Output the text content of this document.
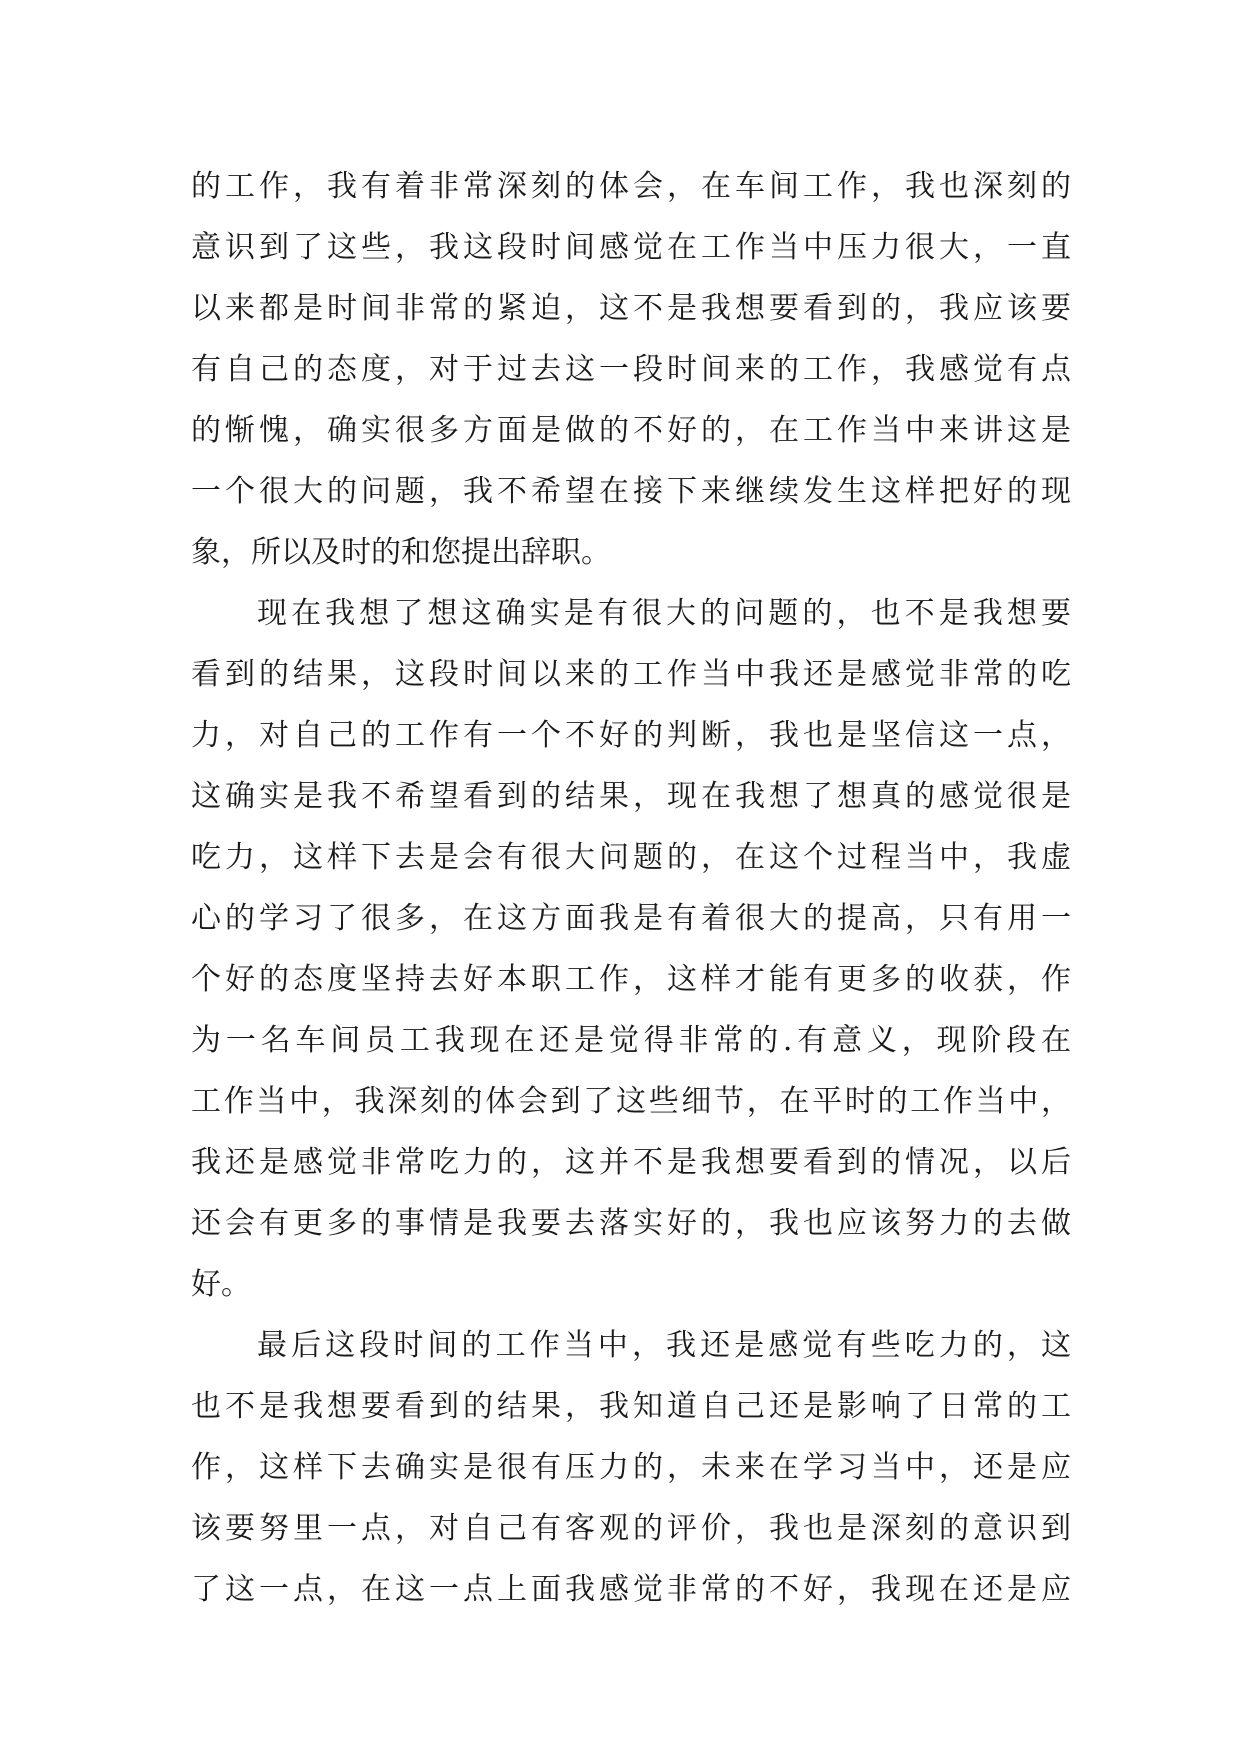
的工作，我有着非常深刻的体会，在车间工作，我也深刻的
意识到了这些，我这段时间感觉在工作当中压力很大，一直
以来都是时间非常的紧迫，这不是我想要看到的，我应该要
有自己的态度，对于过去这一段时间来的工作，我感觉有点
的惭愧，确实很多方面是做的不好的，在工作当中来讲这是
一个很大的问题，我不希望在接下来继续发生这样把好的现
象，所以及时的和您提出辞职。
现在我想了想这确实是有很大的问题的，也不是我想要
看到的结果，这段时间以来的工作当中我还是感觉非常的吃
力，对自己的工作有一个不好的判断，我也是坚信这一点，
这确实是我不希望看到的结果，现在我想了想真的感觉很是
吃力，这样下去是会有很大问题的，在这个过程当中，我虚
心的学习了很多，在这方面我是有着很大的提高，只有用一
个好的态度坚持去好本职工作，这样才能有更多的收获，作
为一名车间员工我现在还是觉得非常的.有意义，现阶段在
工作当中，我深刻的体会到了这些细节，在平时的工作当中，
我还是感觉非常吃力的，这并不是我想要看到的情况，以后
还会有更多的事情是我要去落实好的，我也应该努力的去做
好。
最后这段时间的工作当中，我还是感觉有些吃力的，这
也不是我想要看到的结果，我知道自己还是影响了日常的工
作，这样下去确实是很有压力的，未来在学习当中，还是应
该要努里一点，对自己有客观的评价，我也是深刻的意识到
了这一点，在这一点上面我感觉非常的不好，我现在还是应
